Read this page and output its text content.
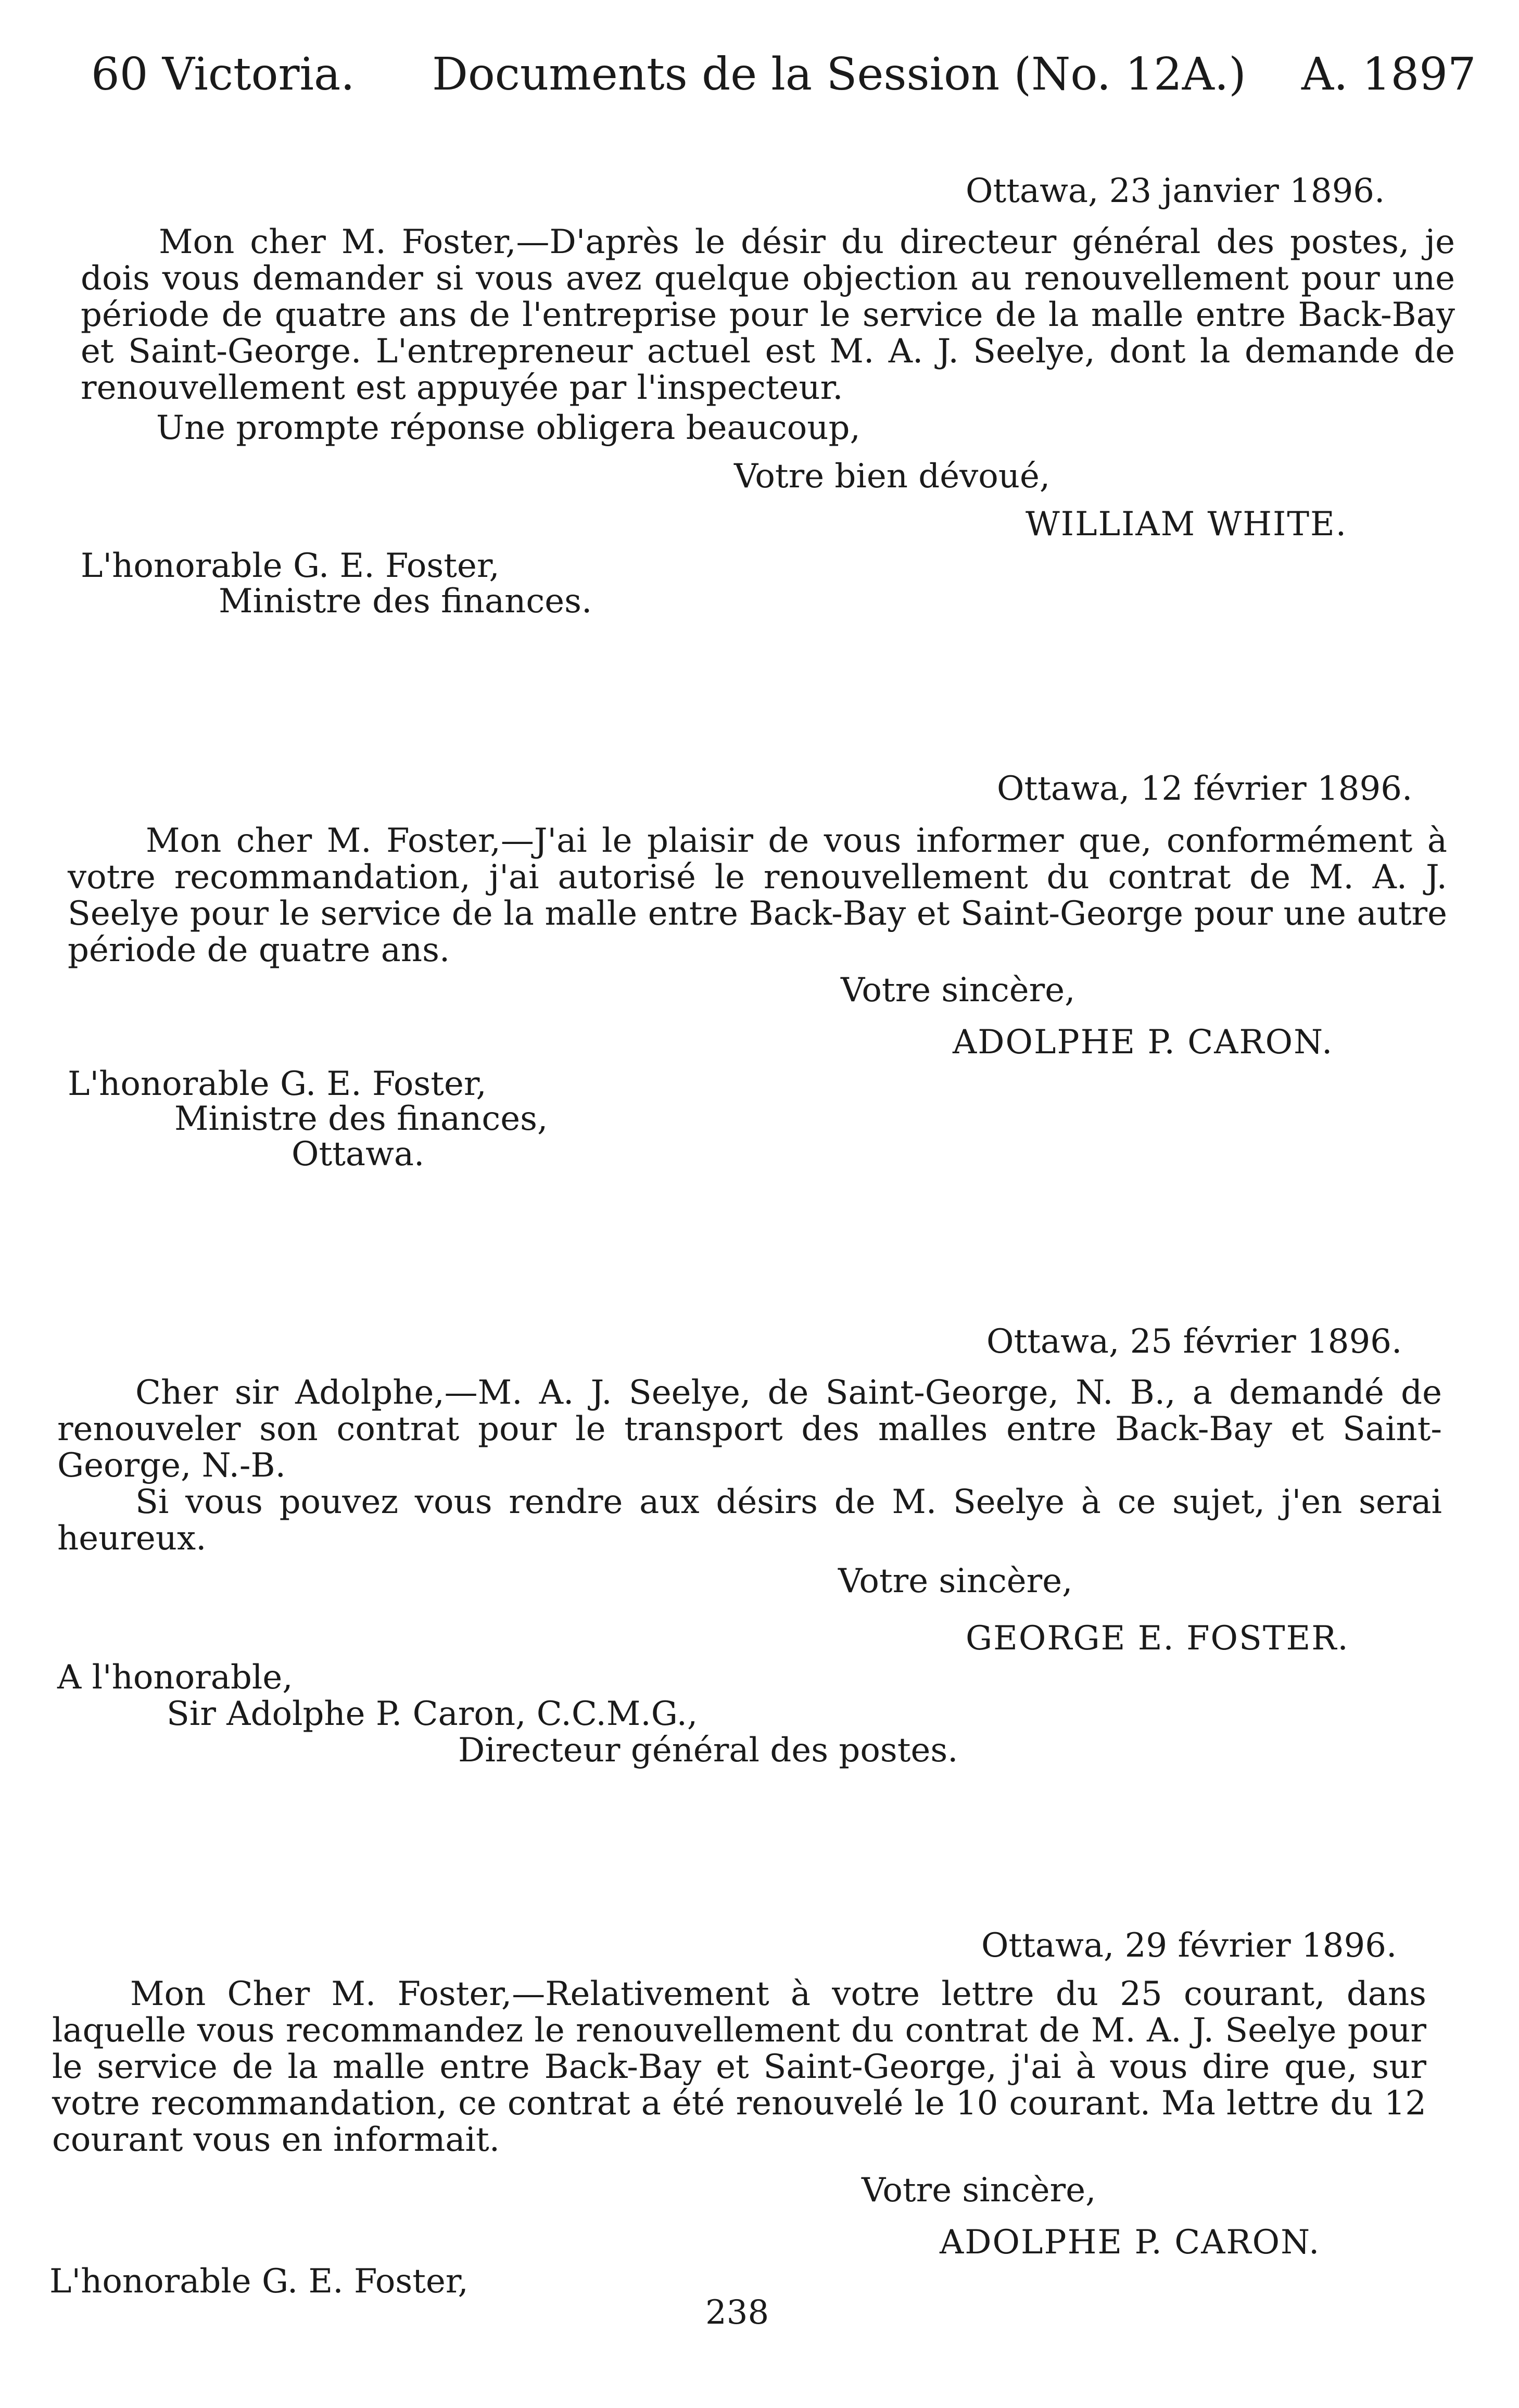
60 Victoria. Documents de la Session (No. 12A.) A. 1897
Ottawa, 23 janvier 1896.
Mon cher M. Foster,—D'après le désir du directeur général des postes, je dois vous demander si vous avez quelque objection au renouvellement pour une période de quatre ans de l'entreprise pour le service de la malle entre Back-Bay et Saint-George. L'entrepreneur actuel est M. A. J. Seelye, dont la demande de renouvellement est appuyée par l'inspecteur.
Une prompte réponse obligera beaucoup,
Votre bien dévoué,
WILLIAM WHITE.
L'honorable G. E. Foster,
Ministre des finances.
Ottawa, 12 février 1896.
Mon cher M. Foster,—J'ai le plaisir de vous informer que, conformément à votre recommandation, j'ai autorisé le renouvellement du contrat de M. A. J. Seelye pour le service de la malle entre Back-Bay et Saint-George pour une autre période de quatre ans.
Votre sincère,
ADOLPHE P. CARON.
L'honorable G. E. Foster,
Ministre des finances,
Ottawa.
Ottawa, 25 février 1896.
Cher sir Adolphe,—M. A. J. Seelye, de Saint-George, N. B., a demandé de renouveler son contrat pour le transport des malles entre Back-Bay et Saint-George, N.-B.
Si vous pouvez vous rendre aux désirs de M. Seelye à ce sujet, j'en serai heureux.
Votre sincère,
GEORGE E. FOSTER.
A l'honorable,
Sir Adolphe P. Caron, C.C.M.G.,
Directeur général des postes.
Ottawa, 29 février 1896.
Mon Cher M. Foster,—Relativement à votre lettre du 25 courant, dans laquelle vous recommandez le renouvellement du contrat de M. A. J. Seelye pour le service de la malle entre Back-Bay et Saint-George, j'ai à vous dire que, sur votre recommandation, ce contrat a été renouvelé le 10 courant. Ma lettre du 12 courant vous en informait.
Votre sincère,
ADOLPHE P. CARON.
L'honorable G. E. Foster,
238
